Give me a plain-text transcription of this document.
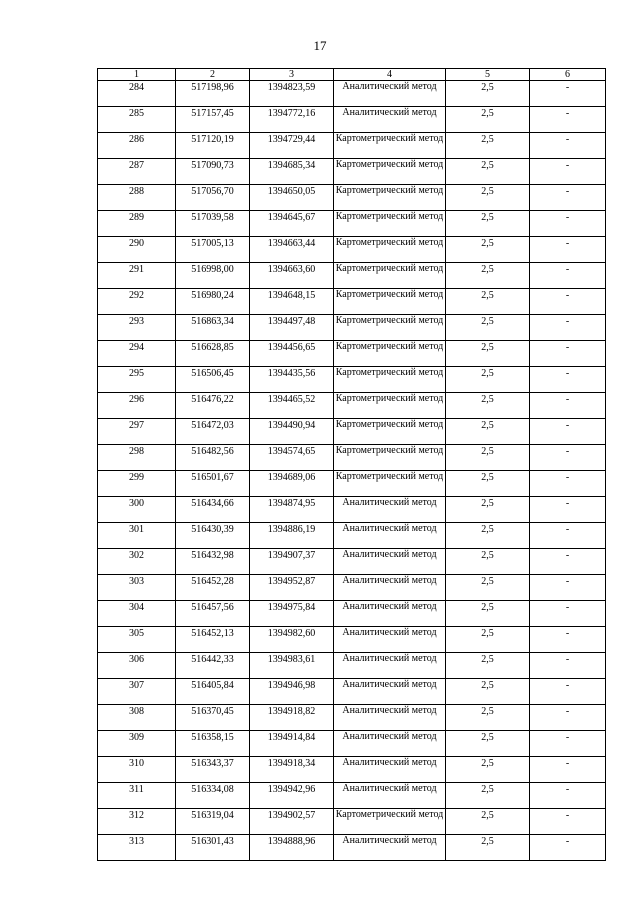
17
1	2	3	4	5	6
284	517198,96	1394823,59	Аналитический метод	2,5	-
285	517157,45	1394772,16	Аналитический метод	2,5	-
286	517120,19	1394729,44	Картометрический метод	2,5	-
287	517090,73	1394685,34	Картометрический метод	2,5	-
288	517056,70	1394650,05	Картометрический метод	2,5	-
289	517039,58	1394645,67	Картометрический метод	2,5	-
290	517005,13	1394663,44	Картометрический метод	2,5	-
291	516998,00	1394663,60	Картометрический метод	2,5	-
292	516980,24	1394648,15	Картометрический метод	2,5	-
293	516863,34	1394497,48	Картометрический метод	2,5	-
294	516628,85	1394456,65	Картометрический метод	2,5	-
295	516506,45	1394435,56	Картометрический метод	2,5	-
296	516476,22	1394465,52	Картометрический метод	2,5	-
297	516472,03	1394490,94	Картометрический метод	2,5	-
298	516482,56	1394574,65	Картометрический метод	2,5	-
299	516501,67	1394689,06	Картометрический метод	2,5	-
300	516434,66	1394874,95	Аналитический метод	2,5	-
301	516430,39	1394886,19	Аналитический метод	2,5	-
302	516432,98	1394907,37	Аналитический метод	2,5	-
303	516452,28	1394952,87	Аналитический метод	2,5	-
304	516457,56	1394975,84	Аналитический метод	2,5	-
305	516452,13	1394982,60	Аналитический метод	2,5	-
306	516442,33	1394983,61	Аналитический метод	2,5	-
307	516405,84	1394946,98	Аналитический метод	2,5	-
308	516370,45	1394918,82	Аналитический метод	2,5	-
309	516358,15	1394914,84	Аналитический метод	2,5	-
310	516343,37	1394918,34	Аналитический метод	2,5	-
311	516334,08	1394942,96	Аналитический метод	2,5	-
312	516319,04	1394902,57	Картометрический метод	2,5	-
313	516301,43	1394888,96	Аналитический метод	2,5	-
